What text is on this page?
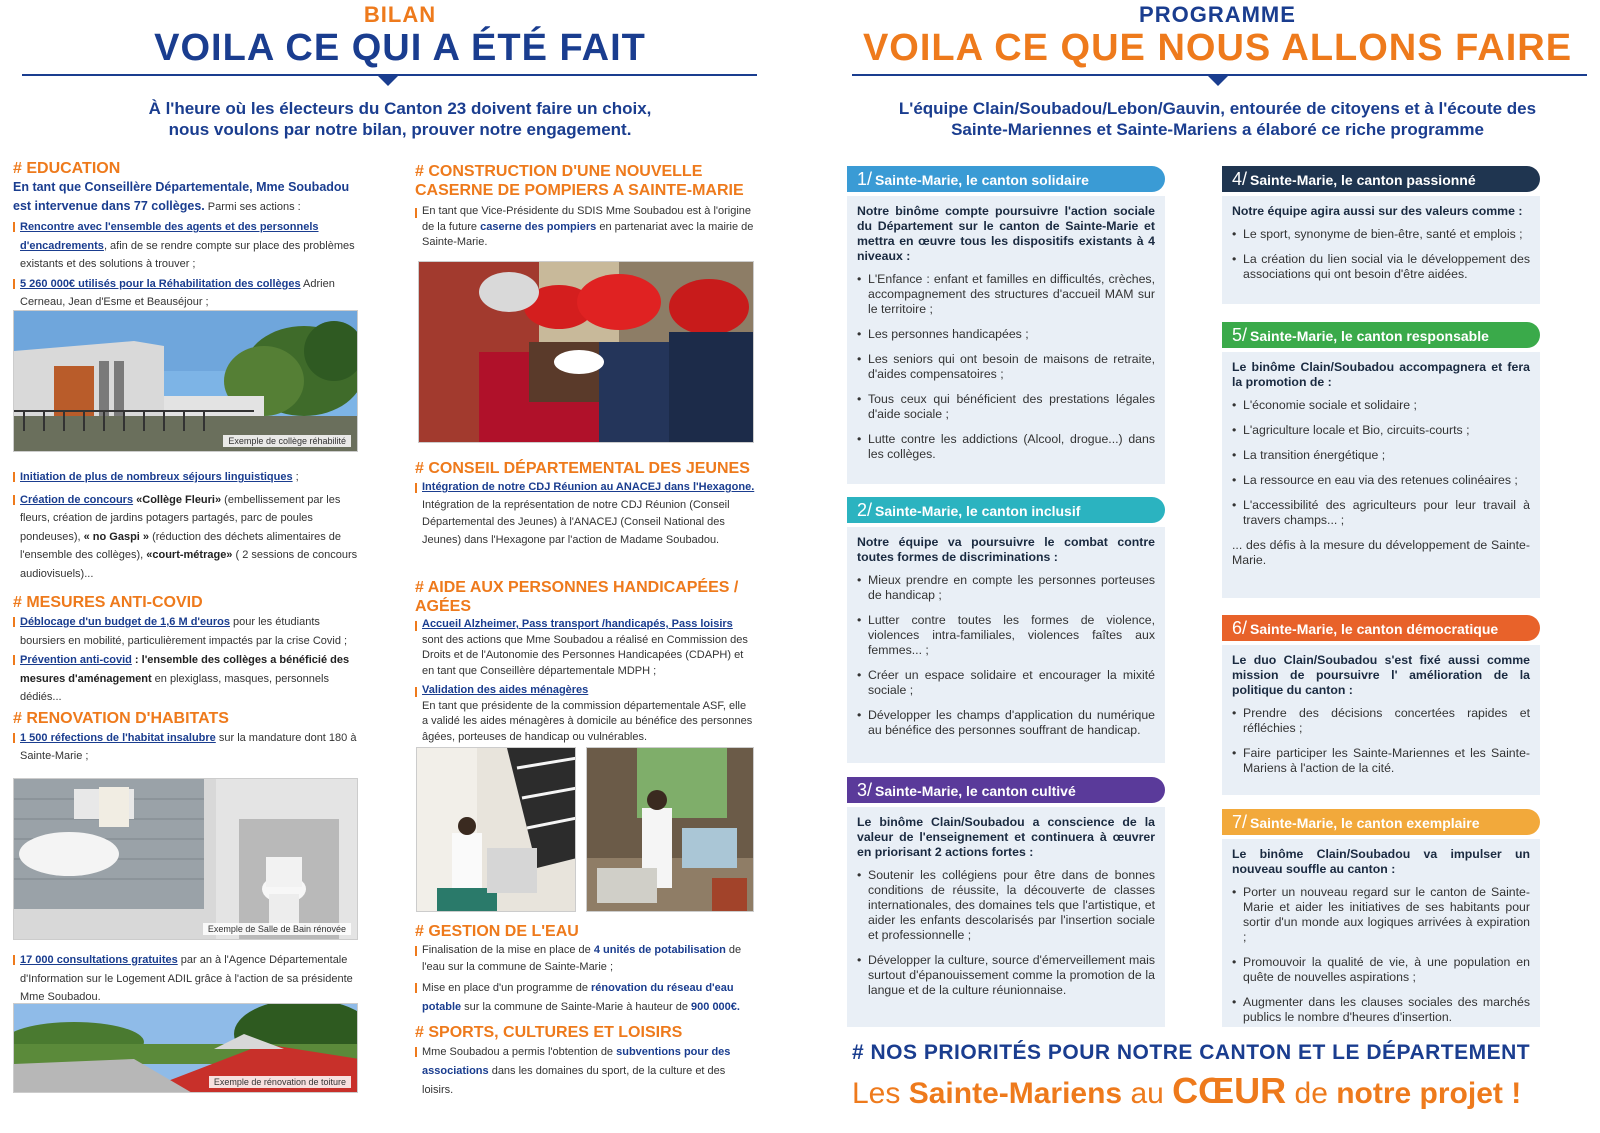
BILAN
VOILA CE QUI A ÉTÉ FAIT
À l'heure où les électeurs du Canton 23 doivent faire un choix,
nous voulons par notre bilan, prouver notre engagement.
PROGRAMME
VOILA CE QUE NOUS ALLONS FAIRE
L'équipe Clain/Soubadou/Lebon/Gauvin, entourée de citoyens et à l'écoute des
Sainte-Mariennes et Sainte-Mariens a élaboré ce riche programme
# EDUCATION
En tant que Conseillère Départementale, Mme Soubadou
est intervenue dans 77 collèges. Parmi ses actions :
Rencontre avec l'ensemble des agents et des personnels d'encadrements, afin de se rendre compte sur place des problèmes existants et des solutions à trouver ;
5 260 000€ utilisés pour la Réhabilitation des collèges Adrien Cerneau, Jean d'Esme et Beauséjour ;
Exemple de collège réhabilité
Initiation de plus de nombreux séjours linguistiques ;
Création de concours «Collège Fleuri» (embellissement par les fleurs, création de jardins potagers partagés, parc de poules pondeuses), « no Gaspi » (réduction des déchets alimentaires de l'ensemble des collèges), «court-métrage» ( 2 sessions de concours audiovisuels)...
# MESURES ANTI-COVID
Déblocage d'un budget de 1,6 M d'euros pour les étudiants boursiers en mobilité, particulièrement impactés par la crise Covid ;
Prévention anti-covid : l'ensemble des collèges a bénéficié des mesures d'aménagement en plexiglass, masques, personnels dédiés...
# RENOVATION D'HABITATS
1 500 réfections de l'habitat insalubre sur la mandature dont 180 à Sainte-Marie ;
Exemple de Salle de Bain rénovée
17 000 consultations gratuites par an à l'Agence Départementale d'Information sur le Logement ADIL grâce à l'action de sa présidente Mme Soubadou.
Exemple de rénovation de toiture
# CONSTRUCTION D'UNE NOUVELLE
CASERNE DE POMPIERS A SAINTE-MARIE
En tant que Vice-Présidente du SDIS Mme Soubadou est à l'origine de la future caserne des pompiers en partenariat avec la mairie de Sainte-Marie.
# CONSEIL DÉPARTEMENTAL DES JEUNES
Intégration de notre CDJ Réunion au ANACEJ dans l'Hexagone.
Intégration de la représentation de notre CDJ Réunion (Conseil Départemental des Jeunes) à l'ANACEJ (Conseil National des Jeunes) dans l'Hexagone par l'action de Madame Soubadou.
# AIDE AUX PERSONNES HANDICAPÉES / AGÉES
Accueil Alzheimer, Pass transport /handicapés, Pass loisirs sont des actions que Mme Soubadou a réalisé en Commission des Droits et de l'Autonomie des Personnes Handicapées (CDAPH) et en tant que Conseillère départementale MDPH ;
Validation des aides ménagères
En tant que présidente de la commission départementale ASF, elle a validé les aides ménagères à domicile au bénéfice des personnes âgées, porteuses de handicap ou vulnérables.
# GESTION DE L'EAU
Finalisation de la mise en place de 4 unités de potabilisation de l'eau sur la commune de Sainte-Marie ;
Mise en place d'un programme de rénovation du réseau d'eau potable sur la commune de Sainte-Marie à hauteur de 900 000€.
# SPORTS, CULTURES ET LOISIRS
Mme Soubadou a permis l'obtention de subventions pour des associations dans les domaines du sport, de la culture et des loisirs.
1/ Sainte-Marie, le canton solidaire
Notre binôme compte poursuivre l'action sociale du Département sur le canton de Sainte-Marie et mettra en œuvre tous les dispositifs existants à 4 niveaux :
• L'Enfance : enfant et familles en difficultés, crèches, accompagnement des structures d'accueil MAM sur le territoire ;
• Les personnes handicapées ;
• Les seniors qui ont besoin de maisons de retraite, d'aides compensatoires ;
• Tous ceux qui bénéficient des prestations légales d'aide sociale ;
• Lutte contre les addictions (Alcool, drogue...) dans les collèges.
2/ Sainte-Marie, le canton inclusif
Notre équipe va poursuivre le combat contre toutes formes de discriminations :
• Mieux prendre en compte les personnes porteuses de handicap ;
• Lutter contre toutes les formes de violence, violences intra-familiales, violences faîtes aux femmes... ;
• Créer un espace solidaire et encourager la mixité sociale ;
• Développer les champs d'application du numérique au bénéfice des personnes souffrant de handicap.
3/ Sainte-Marie, le canton cultivé
Le binôme Clain/Soubadou a conscience de la valeur de l'enseignement et continuera à œuvrer en priorisant 2 actions fortes :
• Soutenir les collégiens pour être dans de bonnes conditions de réussite, la découverte de classes internationales, des domaines tels que l'artistique, et aider les enfants descolarisés par l'insertion sociale et professionnelle ;
• Développer la culture, source d'émerveillement mais surtout d'épanouissement comme la promotion de la langue et de la culture réunionnaise.
4/ Sainte-Marie, le canton passionné
Notre équipe agira aussi sur des valeurs comme :
• Le sport, synonyme de bien-être, santé et emplois ;
• La création du lien social via le développement des associations qui ont besoin d'être aidées.
5/ Sainte-Marie, le canton responsable
Le binôme Clain/Soubadou accompagnera et fera la promotion de :
• L'économie sociale et solidaire ;
• L'agriculture locale et Bio, circuits-courts ;
• La transition énergétique ;
• La ressource en eau via des retenues colinéaires ;
• L'accessibilité des agriculteurs pour leur travail à travers champs... ;
... des défis à la mesure du développement de Sainte-Marie.
6/ Sainte-Marie, le canton démocratique
Le duo Clain/Soubadou s'est fixé aussi comme mission de poursuivre l' amélioration de la politique du canton :
• Prendre des décisions concertées rapides et réfléchies ;
• Faire participer les Sainte-Mariennes et les Sainte-Mariens à l'action de la cité.
7/ Sainte-Marie, le canton exemplaire
Le binôme Clain/Soubadou va impulser un nouveau souffle au canton :
• Porter un nouveau regard sur le canton de Sainte-Marie et aider les initiatives de ses habitants pour sortir d'un monde aux logiques arrivées à expiration ;
• Promouvoir la qualité de vie, à une population en quête de nouvelles aspirations ;
• Augmenter dans les clauses sociales des marchés publics le nombre d'heures d'insertion.
# NOS PRIORITÉS POUR NOTRE CANTON ET LE DÉPARTEMENT
Les Sainte-Mariens au CŒUR de notre projet !
